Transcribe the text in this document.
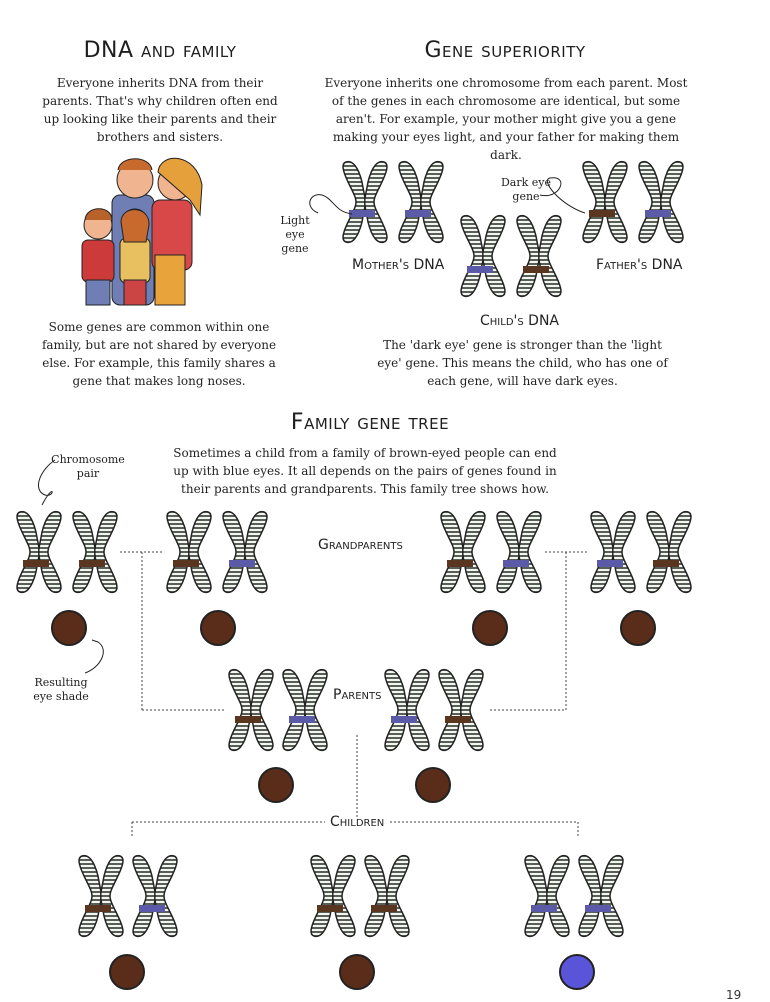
DNA and family
Everyone inherits DNA from their parents. That's why children often end up looking like their parents and their brothers and sisters.
Some genes are common within one family, but are not shared by everyone else. For example, this family shares a gene that makes long noses.
Gene superiority
Everyone inherits one chromosome from each parent. Most of the genes in each chromosome are identical, but some aren't. For example, your mother might give you a gene making your eyes light, and your father for making them dark.
Light eye gene
Dark eye gene
Mother's DNA	Father's DNA
Child's DNA
The 'dark eye' gene is stronger than the 'light eye' gene. This means the child, who has one of each gene, will have dark eyes.
Family gene tree
Sometimes a child from a family of brown-eyed people can end up with blue eyes. It all depends on the pairs of genes found in their parents and grandparents. This family tree shows how.
Chromosome pair
Resulting eye shade
Grandparents
Parents
Children
19
